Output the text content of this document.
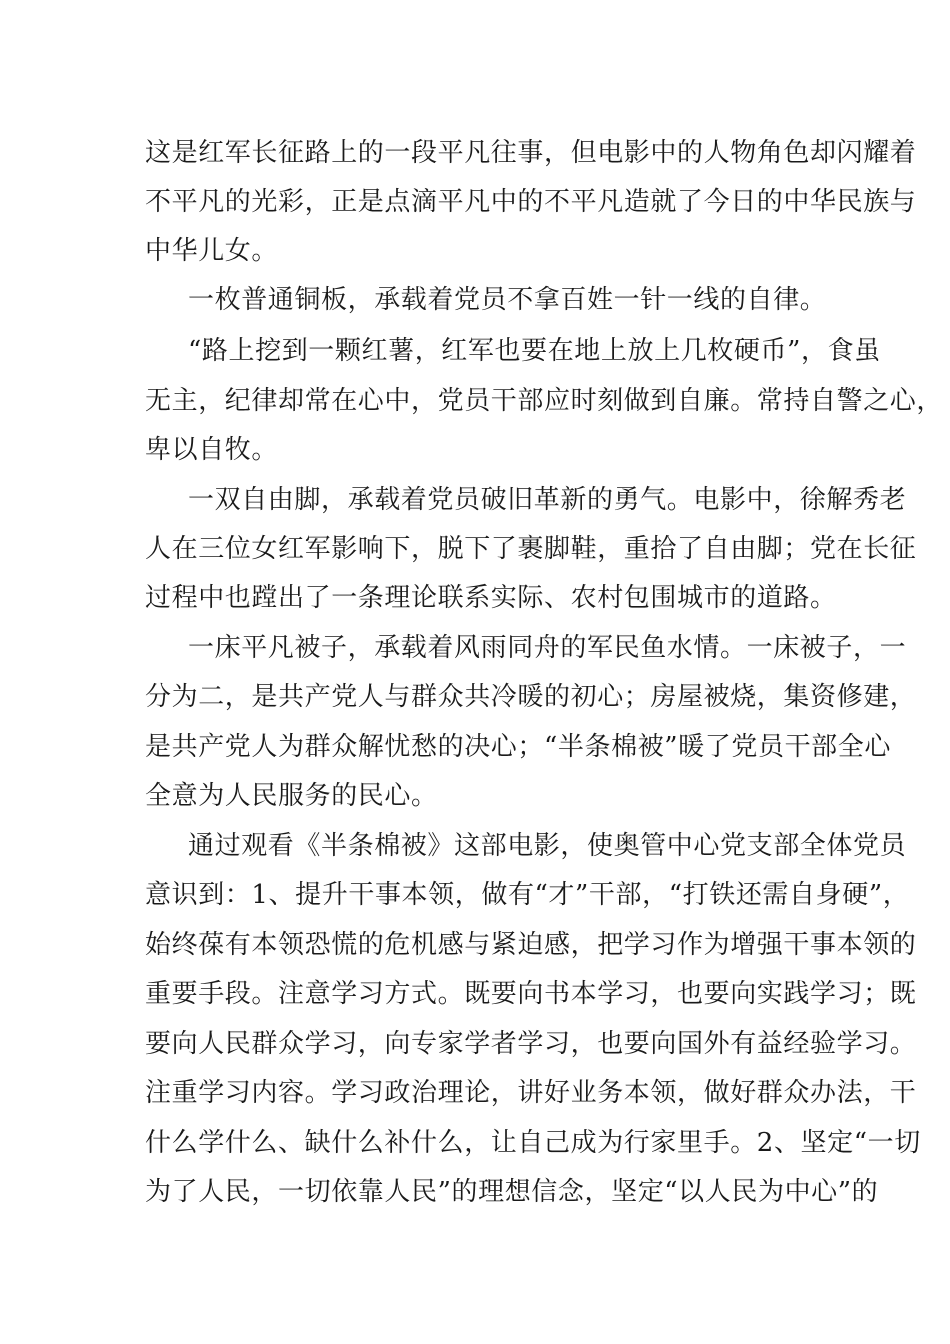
这是红军长征路上的一段平凡往事，但电影中的人物角色却闪耀着
不平凡的光彩，正是点滴平凡中的不平凡造就了今日的中华民族与
中华儿女。
一枚普通铜板，承载着党员不拿百姓一针一线的自律。
“路上挖到一颗红薯，红军也要在地上放上几枚硬币”，食虽
无主，纪律却常在心中，党员干部应时刻做到自廉。常持自警之心，
卑以自牧。
一双自由脚，承载着党员破旧革新的勇气。电影中，徐解秀老
人在三位女红军影响下，脱下了裹脚鞋，重拾了自由脚；党在长征
过程中也蹚出了一条理论联系实际、农村包围城市的道路。
一床平凡被子，承载着风雨同舟的军民鱼水情。一床被子，一
分为二，是共产党人与群众共冷暖的初心；房屋被烧，集资修建，
是共产党人为群众解忧愁的决心；“半条棉被”暖了党员干部全心
全意为人民服务的民心。
通过观看《半条棉被》这部电影，使奥管中心党支部全体党员
意识到：1、提升干事本领，做有“才”干部，“打铁还需自身硬”，
始终葆有本领恐慌的危机感与紧迫感，把学习作为增强干事本领的
重要手段。注意学习方式。既要向书本学习，也要向实践学习；既
要向人民群众学习，向专家学者学习，也要向国外有益经验学习。
注重学习内容。学习政治理论，讲好业务本领，做好群众办法，干
什么学什么、缺什么补什么，让自己成为行家里手。2、坚定“一切
为了人民，一切依靠人民”的理想信念，坚定“以人民为中心”的
